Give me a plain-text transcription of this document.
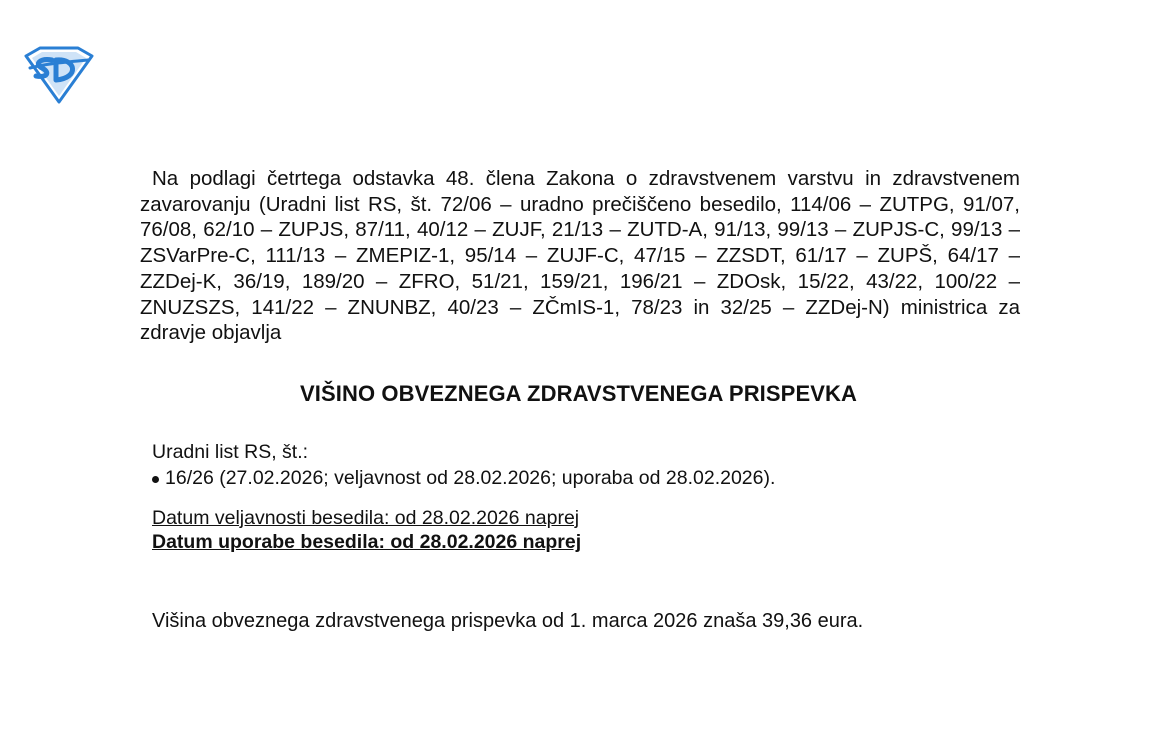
Na podlagi četrtega odstavka 48. člena Zakona o zdravstvenem varstvu in zdravstvenem zavarovanju (Uradni list RS, št. 72/06 – uradno prečiščeno besedilo, 114/06 – ZUTPG, 91/07, 76/08, 62/10 – ZUPJS, 87/11, 40/12 – ZUJF, 21/13 – ZUTD-A, 91/13, 99/13 – ZUPJS-C, 99/13 – ZSVarPre-C, 111/13 – ZMEPIZ-1, 95/14 – ZUJF-C, 47/15 – ZZSDT, 61/17 – ZUPŠ, 64/17 – ZZDej-K, 36/19, 189/20 – ZFRO, 51/21, 159/21, 196/21 – ZDOsk, 15/22, 43/22, 100/22 – ZNUZSZS, 141/22 – ZNUNBZ, 40/23 – ZČmIS-1, 78/23 in 32/25 – ZZDej-N) ministrica za zdravje objavlja

VIŠINO OBVEZNEGA ZDRAVSTVENEGA PRISPEVKA
Uradni list RS, št.:
16/26 (27.02.2026; veljavnost od 28.02.2026; uporaba od 28.02.2026).
Datum veljavnosti besedila: od 28.02.2026 naprej
Datum uporabe besedila: od 28.02.2026 naprej

Višina obveznega zdravstvenega prispevka od 1. marca 2026 znaša 39,36 eura.
